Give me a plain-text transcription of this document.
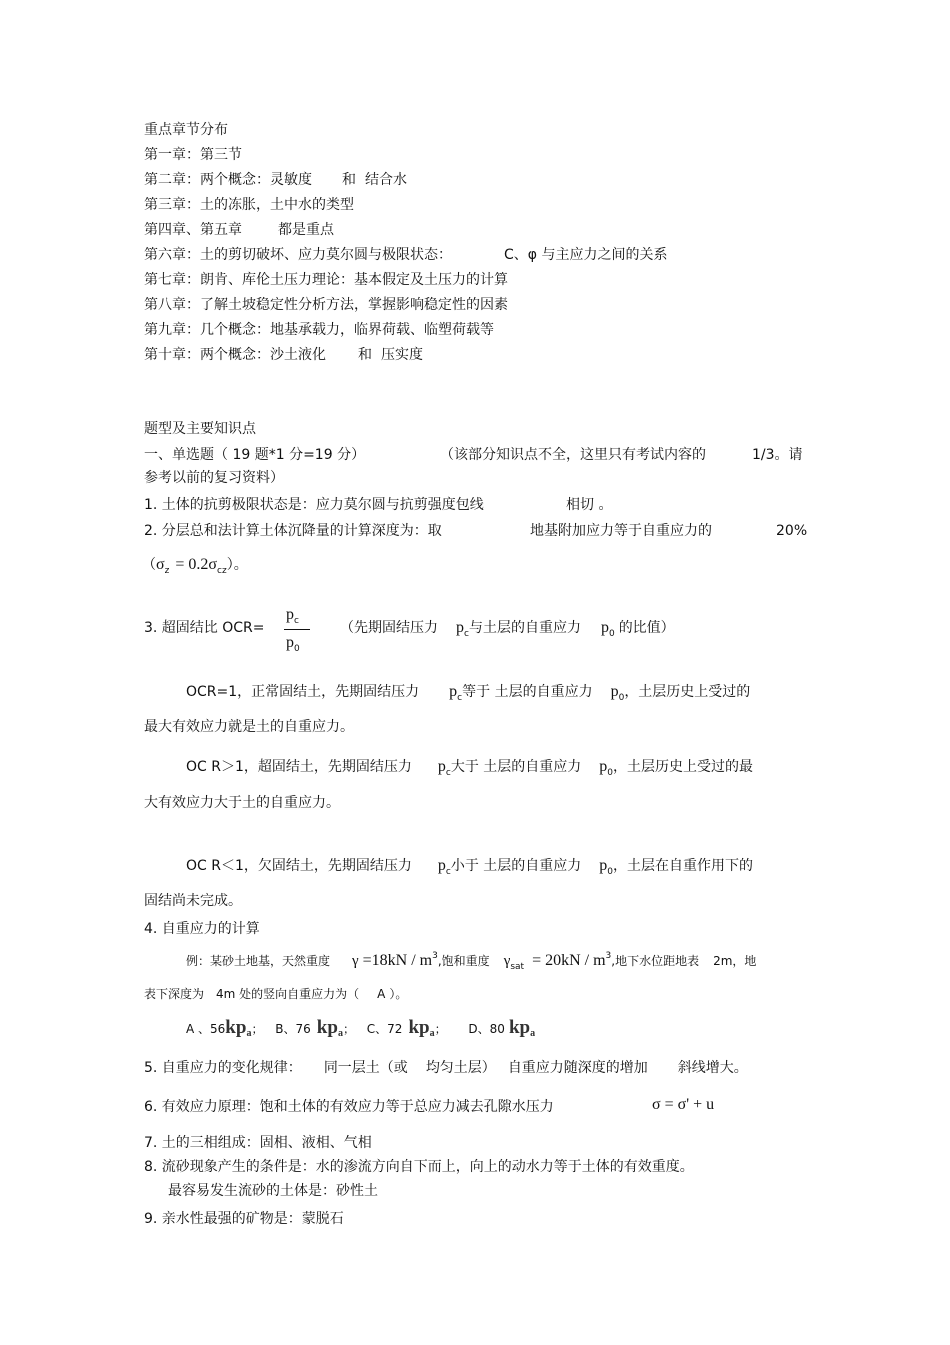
重点章节分布
第一章：第三节
第二章：两个概念：灵敏度 和 结合水
第三章：土的冻胀，土中水的类型
第四章、第五章	都是重点
第六章：土的剪切破坏、应力莫尔圆与极限状态：	C、φ 与主应力之间的关系
第七章：朗肯、库伦土压力理论：基本假定及土压力的计算
第八章：了解土坡稳定性分析方法，掌握影响稳定性的因素
第九章：几个概念：地基承载力，临界荷载、临塑荷载等
第十章：两个概念：沙土液化 和 压实度
题型及主要知识点
一、单选题（ 19 题*1 分=19 分）	（该部分知识点不全，这里只有考试内容的	1/3。请
参考以前的复习资料）
1. 土体的抗剪极限状态是：应力莫尔圆与抗剪强度包线	相切 。
2. 分层总和法计算土体沉降量的计算深度为：取	地基附加应力等于自重应力的	20%
$(\sigma_z = 0.2\sigma_{cz})$。
3. 超固结比 OCR=
$p_c$
$p_0$
（先期固结压力 $p_c$与土层的自重应力 $p_0$ 的比值）
OCR=1，正常固结土，先期固结压力 $p_c$等于 土层的自重应力 $p_0$，土层历史上受过的
最大有效应力就是土的自重应力。
OC R＞1，超固结土，先期固结压力 $p_c$大于 土层的自重应力 $p_0$，土层历史上受过的最
大有效应力大于土的自重应力。
OC R＜1，欠固结土，先期固结压力 $p_c$小于 土层的自重应力 $p_0$，土层在自重作用下的
固结尚未完成。
4. 自重应力的计算
例：某砂土地基，天然重度 $\gamma =18kN / m^3$,饱和重度 $\gamma_{sat} = 20kN / m^3$,地下水位距地表 2m，地
表下深度为 4m 处的竖向自重应力为（ A ）。
A 、56kpa； B、76 kpa； C、72 kpa； D、80 kpa
5. 自重应力的变化规律： 同一层土（或 均匀土层） 自重应力随深度的增加 斜线增大。
6. 有效应力原理：饱和土体的有效应力等于总应力减去孔隙水压力	σ = σ' + u
7. 土的三相组成：固相、液相、气相
8. 流砂现象产生的条件是：水的渗流方向自下而上，向上的动水力等于土体的有效重度。
最容易发生流砂的土体是：砂性土
9. 亲水性最强的矿物是：蒙脱石
